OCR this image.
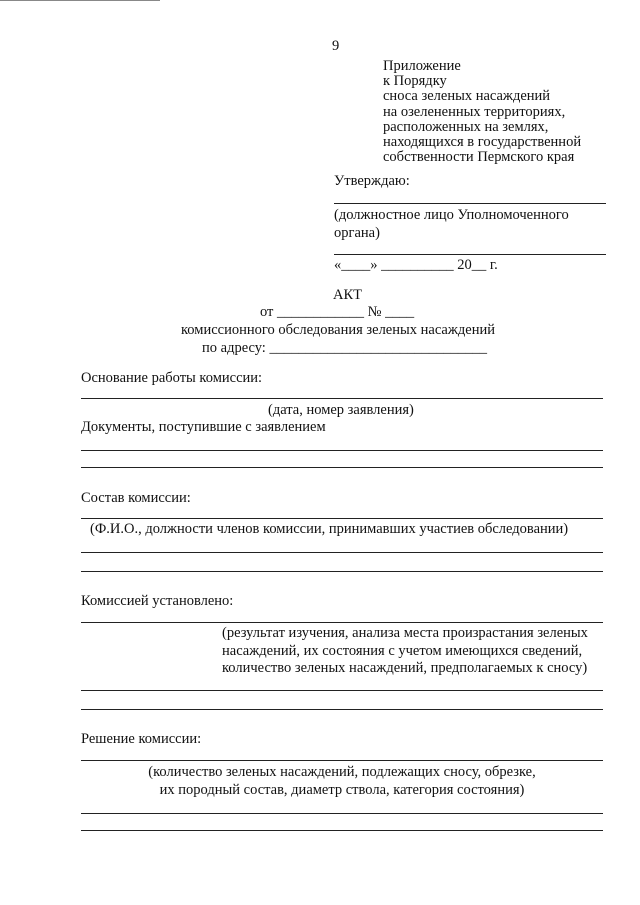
9
Приложение
к Порядку
сноса зеленых насаждений
на озелененных территориях,
расположенных на землях,
находящихся в государственной
собственности Пермского края
Утверждаю:
(должностное лицо Уполномоченного
органа)
«____» __________ 20__ г.
АКТ
от ____________ № ____
комиссионного обследования зеленых насаждений
по адресу: ______________________________
Основание работы комиссии:
(дата, номер заявления)
Документы, поступившие с заявлением
Состав комиссии:
(Ф.И.О., должности членов комиссии, принимавших участиев обследовании)
Комиссией установлено:
(результат изучения, анализа места произрастания зеленых
насаждений, их состояния с учетом имеющихся сведений,
количество зеленых насаждений, предполагаемых к сносу)
Решение комиссии:
(количество зеленых насаждений, подлежащих сносу, обрезке,
их породный состав, диаметр ствола, категория состояния)
